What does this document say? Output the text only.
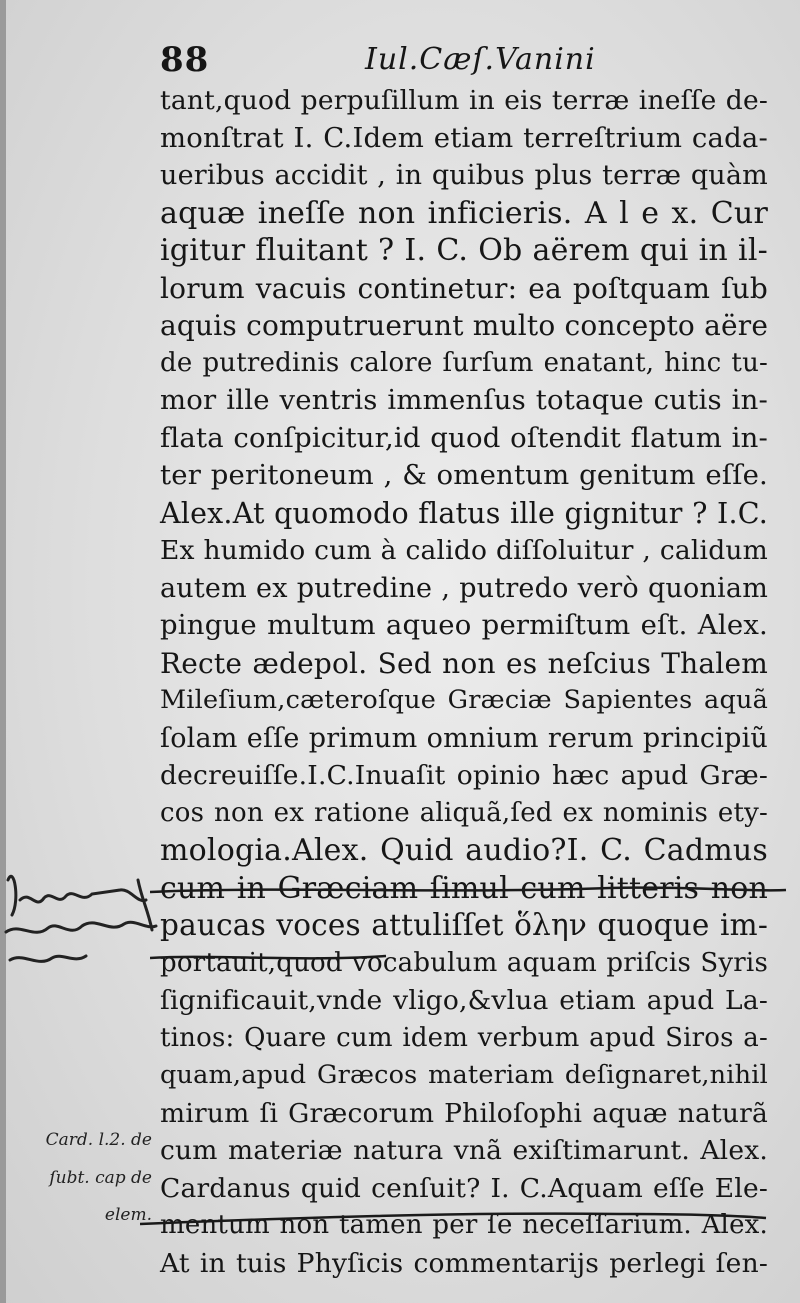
88	Iul.Cæſ.Vanini
tant,quod perpuſillum in eis terræ ineſſe de-
monſtrat I. C.Idem etiam terreſtrium cada-
ueribus accidit , in quibus plus terræ quàm
aquæ ineſſe non inficieris. A l e x. Cur
igitur fluitant ? I. C. Ob aërem qui in il-
lorum vacuis continetur: ea poſtquam ſub
aquis computruerunt multo concepto aëre
de putredinis calore ſurſum enatant, hinc tu-
mor ille ventris immenſus totaque cutis in-
flata conſpicitur,id quod oſtendit flatum in-
ter peritoneum , & omentum genitum eſſe.
Alex.At quomodo flatus ille gignitur ? I.C.
Ex humido cum à calido diſſoluitur , calidum
autem ex putredine , putredo verò quoniam
pingue multum aqueo permiſtum eſt. Alex.
Recte ædepol. Sed non es neſcius Thalem
Mileſium,cæteroſque Græciæ Sapientes aquã
ſolam eſſe primum omnium rerum principiũ
decreuiſſe.I.C.Inuaſit opinio hæc apud Græ-
cos non ex ratione aliquã,ſed ex nominis ety-
mologia.Alex. Quid audio?I. C. Cadmus
cum in Græciam ſimul cum litteris non
paucas voces attuliſſet ὅλην quoque im-
portauit,quod vocabulum aquam priſcis Syris
ſignificauit,vnde vligo,&vlua etiam apud La-
tinos: Quare cum idem verbum apud Siros a-
quam,apud Græcos materiam deſignaret,nihil
mirum ſi Græcorum Philoſophi aquæ naturã
cum materiæ natura vnã exiſtimarunt. Alex.
Cardanus quid cenſuit? I. C.Aquam eſſe Ele-
mentum non tamen per ſe neceſſarium. Alex.
At in tuis Phyſicis commentarijs perlegi ſen-
Card. l.2. de
ſubt. cap de
elem.
